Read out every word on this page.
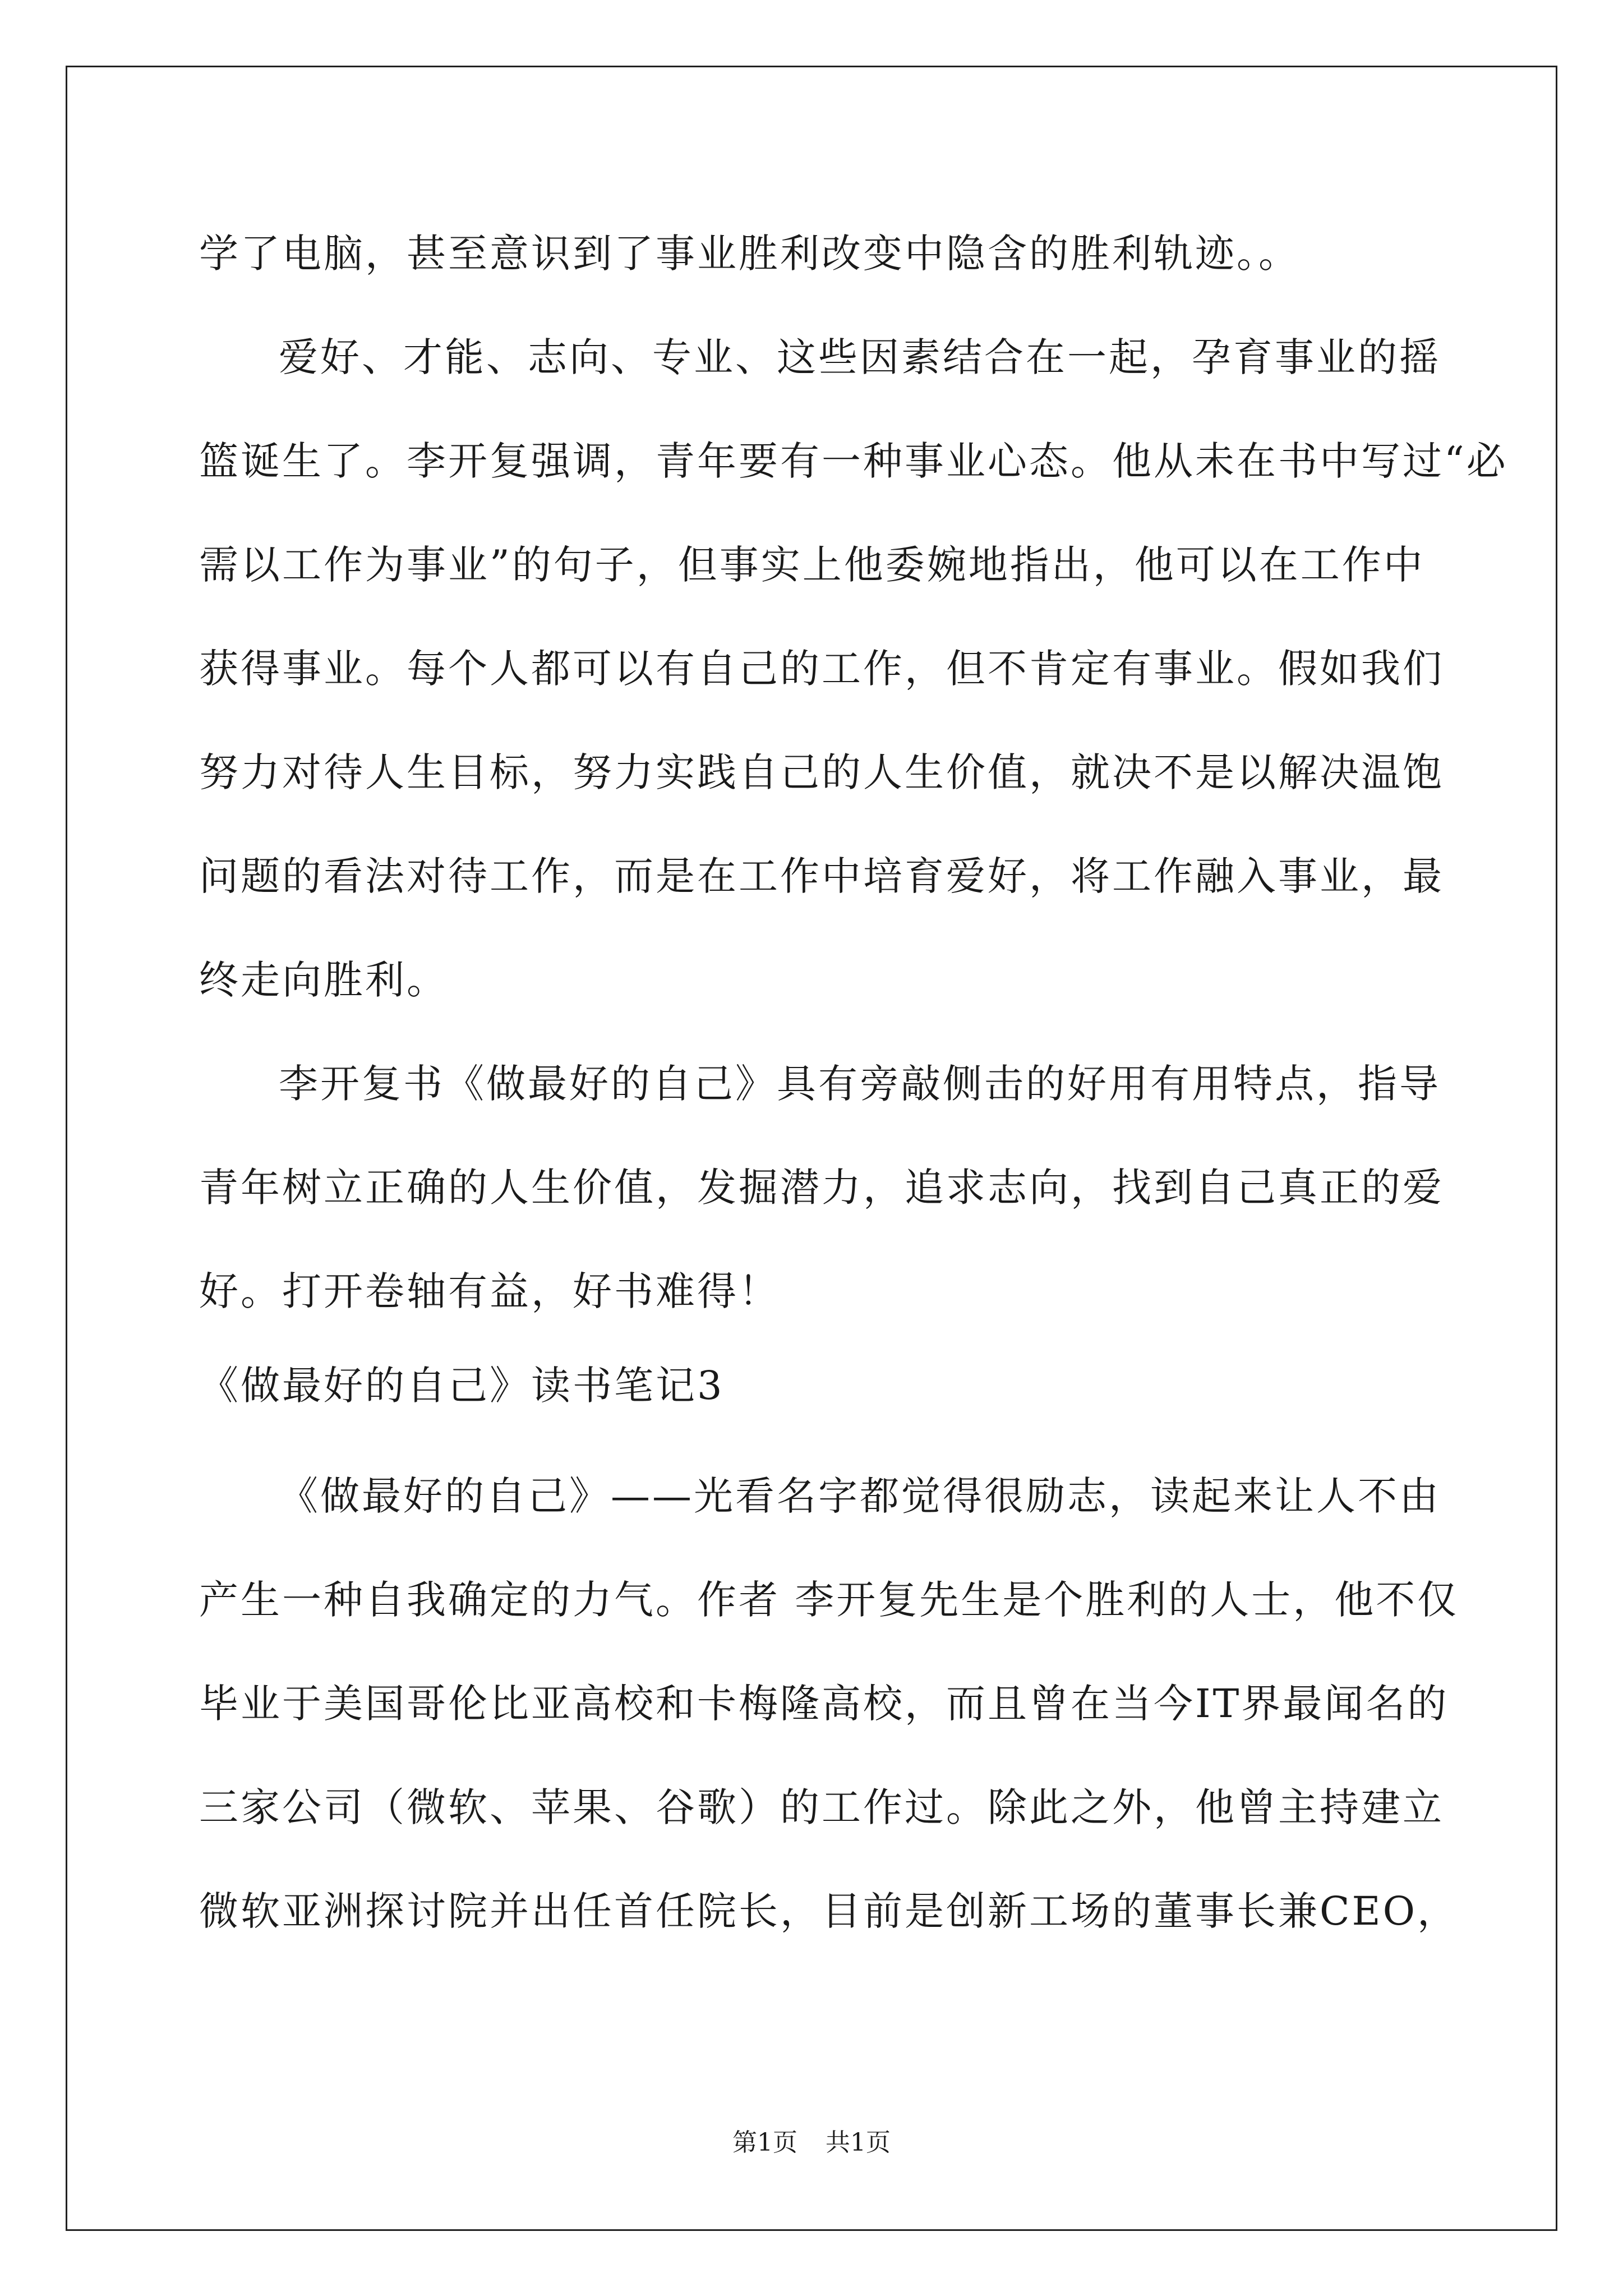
学了电脑，甚至意识到了事业胜利改变中隐含的胜利轨迹。。
爱好、才能、志向、专业、这些因素结合在一起，孕育事业的摇
篮诞生了。李开复强调，青年要有一种事业心态。他从未在书中写过“必
需以工作为事业”的句子，但事实上他委婉地指出，他可以在工作中
获得事业。每个人都可以有自己的工作，但不肯定有事业。假如我们
努力对待人生目标，努力实践自己的人生价值，就决不是以解决温饱
问题的看法对待工作，而是在工作中培育爱好，将工作融入事业，最
终走向胜利。
李开复书《做最好的自己》具有旁敲侧击的好用有用特点，指导
青年树立正确的人生价值，发掘潜力，追求志向，找到自己真正的爱
好。打开卷轴有益，好书难得！
《做最好的自己》读书笔记3
《做最好的自己》——光看名字都觉得很励志，读起来让人不由
产生一种自我确定的力气。作者 李开复先生是个胜利的人士，他不仅
毕业于美国哥伦比亚高校和卡梅隆高校，而且曾在当今IT界最闻名的
三家公司（微软、苹果、谷歌）的工作过。除此之外，他曾主持建立
微软亚洲探讨院并出任首任院长，目前是创新工场的董事长兼CEO，
第1页 共1页
